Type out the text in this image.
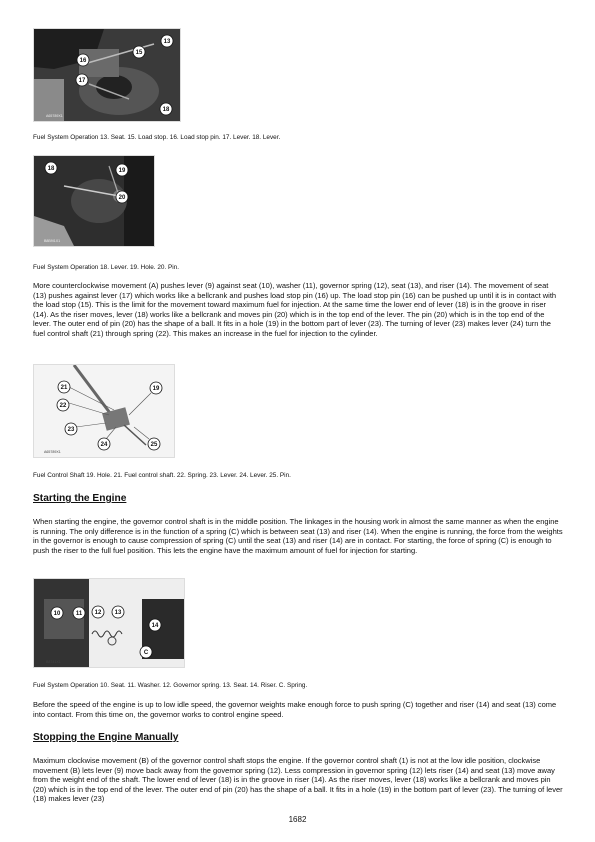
13
15
16
17
18
A65789X1
Fuel System Operation 13. Seat. 15. Load stop. 16. Load stop pin. 17. Lever. 18. Lever.
18	19
20
B8B9I1X1
Fuel System Operation 18. Lever. 19. Hole. 20. Pin.

More counterclockwise movement (A) pushes lever (9) against seat (10), washer (11), governor spring (12), seat (13), and riser (14). The movement of seat (13) pushes against lever (17) which works like a bellcrank and pushes load stop pin (16) up. The load stop pin (16) can be pushed up until it is in contact with the load stop (15). This is the limit for the movement toward maximum fuel for injection. At the same time the lower end of lever (18) is in the groove in riser (14). As the riser moves, lever (18) works like a bellcrank and moves pin (20) which is in the top end of the lever. The pin (20) which is in the top end of the lever. The outer end of pin (20) has the shape of a ball. It fits in a hole (19) in the bottom part of lever (23). The turning of lever (23) makes lever (24) turn the fuel control shaft (21) through spring (22). This makes an increase in the fuel for injection to the cylinder.

21	19
22
23
24	25
A65789X1
Fuel Control Shaft 19. Hole. 21. Fuel control shaft. 22. Spring. 23. Lever. 24. Lever. 25. Pin.
Starting the Engine

When starting the engine, the governor control shaft is in the middle position. The linkages in the housing work in almost the same manner as when the engine is running. The only difference is in the function of a spring (C) which is between seat (13) and riser (14). When the engine is running, the force from the weights in the governor is enough to cause compression of spring (C) until the seat (13) and riser (14) are in contact. For starting, the force of spring (C) is enough to push the riser to the full fuel position. This lets the engine have the maximum amount of fuel for injection for starting.

10	11 12 13
14
C
B8741X1
Fuel System Operation 10. Seat. 11. Washer. 12. Governor spring. 13. Seat. 14. Riser. C. Spring.

Before the speed of the engine is up to low idle speed, the governor weights make enough force to push spring (C) together and riser (14) and seat (13) come into contact. From this time on, the governor works to control engine speed.

Stopping the Engine Manually

Maximum clockwise movement (B) of the governor control shaft stops the engine. If the governor control shaft (1) is not at the low idle position, clockwise movement (B) lets lever (9) move back away from the governor spring (12). Less compression in governor spring (12) lets riser (14) and seat (13) move away from the weight end of the shaft. The lower end of lever (18) is in the groove in riser (14). As the riser moves, lever (18) works like a bellcrank and moves pin (20) which is in the top end of the lever. The outer end of pin (20) has the shape of a ball. It fits in a hole (19) in the bottom part of lever (23). The turning of lever (18) makes lever (23)

1682
